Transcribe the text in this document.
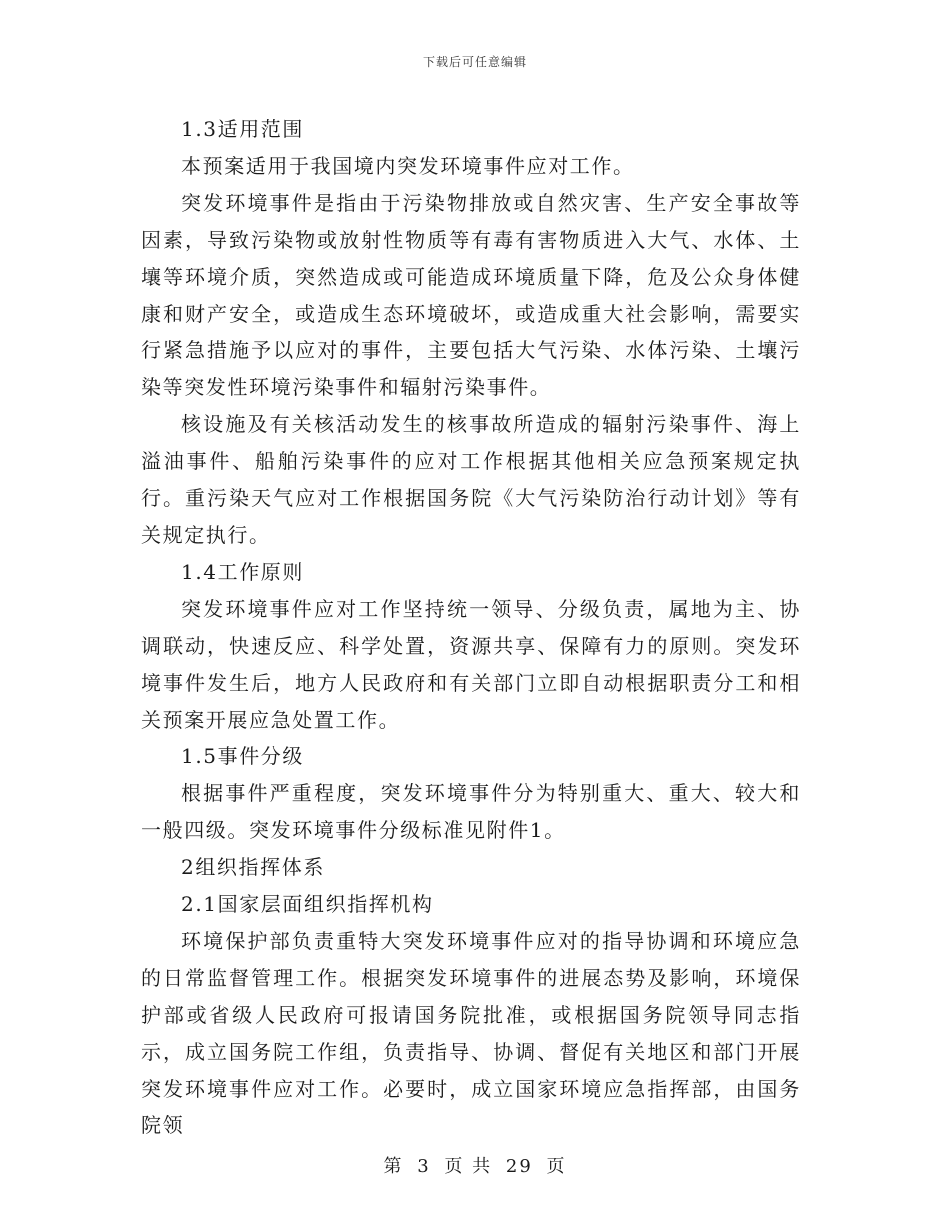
下载后可任意编辑

1.3适用范围

本预案适用于我国境内突发环境事件应对工作。

突发环境事件是指由于污染物排放或自然灾害、生产安全事故等因素，导致污染物或放射性物质等有毒有害物质进入大气、水体、土壤等环境介质，突然造成或可能造成环境质量下降，危及公众身体健康和财产安全，或造成生态环境破坏，或造成重大社会影响，需要实行紧急措施予以应对的事件，主要包括大气污染、水体污染、土壤污染等突发性环境污染事件和辐射污染事件。

核设施及有关核活动发生的核事故所造成的辐射污染事件、海上溢油事件、船舶污染事件的应对工作根据其他相关应急预案规定执行。重污染天气应对工作根据国务院《大气污染防治行动计划》等有关规定执行。

1.4工作原则

突发环境事件应对工作坚持统一领导、分级负责，属地为主、协调联动，快速反应、科学处置，资源共享、保障有力的原则。突发环境事件发生后，地方人民政府和有关部门立即自动根据职责分工和相关预案开展应急处置工作。

1.5事件分级

根据事件严重程度，突发环境事件分为特别重大、重大、较大和一般四级。突发环境事件分级标准见附件1。

2组织指挥体系

2.1国家层面组织指挥机构

环境保护部负责重特大突发环境事件应对的指导协调和环境应急的日常监督管理工作。根据突发环境事件的进展态势及影响，环境保护部或省级人民政府可报请国务院批准，或根据国务院领导同志指示，成立国务院工作组，负责指导、协调、督促有关地区和部门开展突发环境事件应对工作。必要时，成立国家环境应急指挥部，由国务院领

第 3 页 共 29 页
